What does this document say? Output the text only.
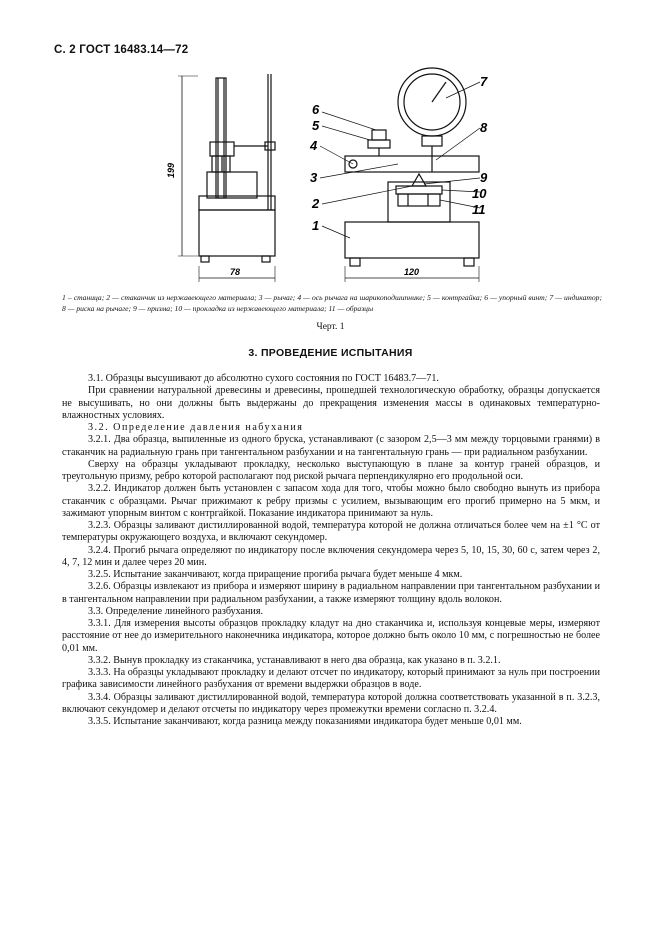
С. 2 ГОСТ 16483.14—72
199
78	120
6
5
4
3
2
1
7
8
9
10
11
1 – станица; 2 — стаканчик из нержавеющего материала; 3 — рычаг; 4 — ось рычага на шарикоподшипнике; 5 — контргайка; 6 — упорный винт; 7 — индикатор; 8 — риска на рычаге; 9 — призма; 10 — прокладка из нержавеющего материала; 11 — образцы
Черт. 1
3. ПРОВЕДЕНИЕ ИСПЫТАНИЯ

3.1. Образцы высушивают до абсолютно сухого состояния по ГОСТ 16483.7—71.

При сравнении натуральной древесины и древесины, прошедшей технологическую обработку, образцы допускается не высушивать, но они должны быть выдержаны до прекращения изменения массы в одинаковых температурно-влажностных условиях.

3.2. Определение давления набухания

3.2.1. Два образца, выпиленные из одного бруска, устанавливают (с зазором 2,5—3 мм между торцовыми гранями) в стаканчик на радиальную грань при тангентальном разбухании и на тангентальную грань — при радиальном разбухании.

Сверху на образцы укладывают прокладку, несколько выступающую в плане за контур граней образцов, и треугольную призму, ребро которой располагают под риской рычага перпендикулярно его продольной оси.

3.2.2. Индикатор должен быть установлен с запасом хода для того, чтобы можно было свободно вынуть из прибора стаканчик с образцами. Рычаг прижимают к ребру призмы с усилием, вызывающим его прогиб примерно на 5 мкм, и зажимают упорным винтом с контргайкой. Показание индикатора принимают за нуль.

3.2.3. Образцы заливают дистиллированной водой, температура которой не должна отличаться более чем на ±1 °С от температуры окружающего воздуха, и включают секундомер.

3.2.4. Прогиб рычага определяют по индикатору после включения секундомера через 5, 10, 15, 30, 60 с, затем через 2, 4, 7, 12 мин и далее через 20 мин.

3.2.5. Испытание заканчивают, когда приращение прогиба рычага будет меньше 4 мкм.

3.2.6. Образцы извлекают из прибора и измеряют ширину в радиальном направлении при тангентальном разбухании и в тангентальном направлении при радиальном разбухании, а также измеряют толщину вдоль волокон.

3.3. Определение линейного разбухания.

3.3.1. Для измерения высоты образцов прокладку кладут на дно стаканчика и, используя концевые меры, измеряют расстояние от нее до измерительного наконечника индикатора, которое должно быть около 10 мм, с погрешностью не более 0,01 мм.

3.3.2. Вынув прокладку из стаканчика, устанавливают в него два образца, как указано в п. 3.2.1.

3.3.3. На образцы укладывают прокладку и делают отсчет по индикатору, который принимают за нуль при построении графика зависимости линейного разбухания от времени выдержки образцов в воде.

3.3.4. Образцы заливают дистиллированной водой, температура которой должна соответствовать указанной в п. 3.2.3, включают секундомер и делают отсчеты по индикатору через промежутки времени согласно п. 3.2.4.

3.3.5. Испытание заканчивают, когда разница между показаниями индикатора будет меньше 0,01 мм.
